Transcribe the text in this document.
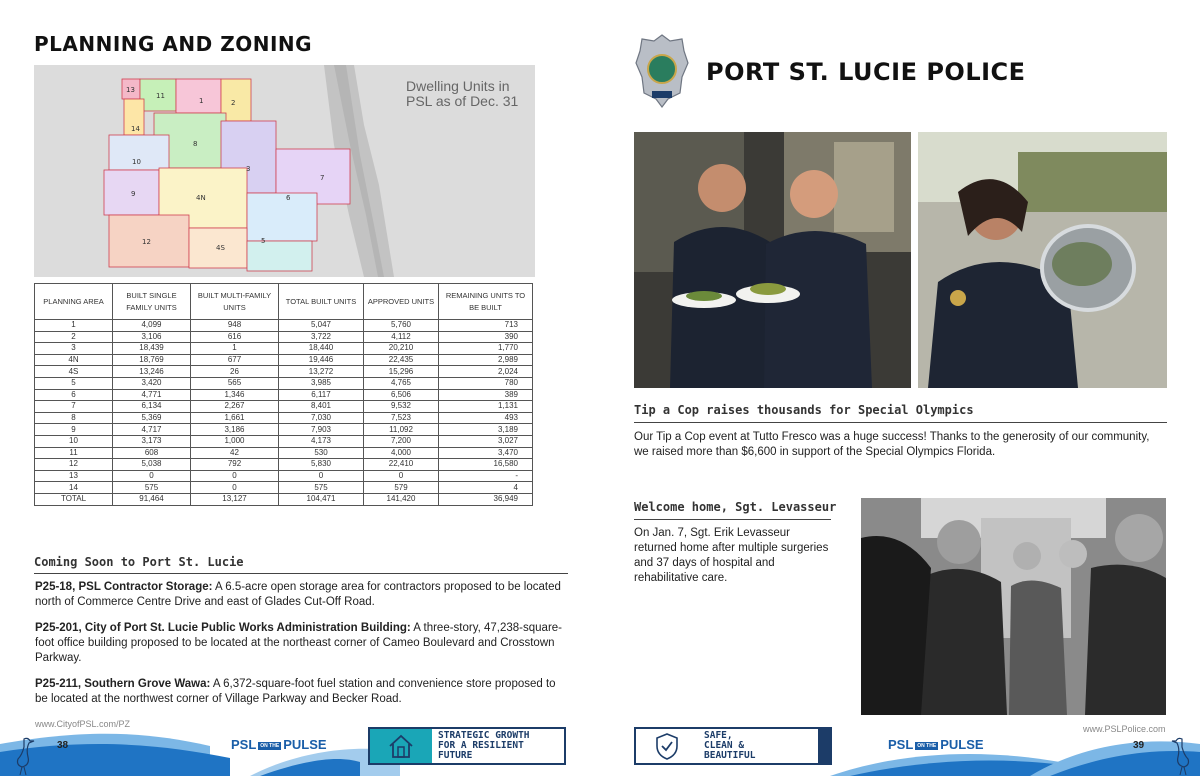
PLANNING AND ZONING
13
11
1	2
14
8
10
3
7
9	4N	6
12
4S
5
Dwelling Units in PSL as of Dec. 31
PLANNING AREA	BUILT SINGLE FAMILY UNITS	BUILT MULTI-FAMILY UNITS	TOTAL BUILT UNITS	APPROVED UNITS	REMAINING UNITS TO BE BUILT
1	4,099	948	5,047	5,760	713
2	3,106	616	3,722	4,112	390
3	18,439	1	18,440	20,210	1,770
4N	18,769	677	19,446	22,435	2,989
4S	13,246	26	13,272	15,296	2,024
5	3,420	565	3,985	4,765	780
6	4,771	1,346	6,117	6,506	389
7	6,134	2,267	8,401	9,532	1,131
8	5,369	1,661	7,030	7,523	493
9	4,717	3,186	7,903	11,092	3,189
10	3,173	1,000	4,173	7,200	3,027
11	608	42	530	4,000	3,470
12	5,038	792	5,830	22,410	16,580
13	0	0	0	0	-
14	575	0	575	579	4
TOTAL	91,464	13,127	104,471	141,420	36,949
Coming Soon to Port St. Lucie
P25-18, PSL Contractor Storage: A 6.5-acre open storage area for contractors proposed to be located north of Commerce Centre Drive and east of Glades Cut-Off Road.
P25-201, City of Port St. Lucie Public Works Administration Building: A three-story, 47,238-square-foot office building proposed to be located at the northeast corner of Cameo Boulevard and Crosstown Parkway.
P25-211, Southern Grove Wawa: A 6,372-square-foot fuel station and convenience store proposed to be located at the northwest corner of Village Parkway and Becker Road.
www.CityofPSL.com/PZ
38	PSL ON THE PULSE
STRATEGIC GROWTH
FOR A RESILIENT
FUTURE
PORT ST. LUCIE POLICE
Tip a Cop raises thousands for Special Olympics
Our Tip a Cop event at Tutto Fresco was a huge success! Thanks to the generosity of our community, we raised more than $6,600 in support of the Special Olympics Florida.
Welcome home, Sgt. Levasseur
On Jan. 7, Sgt. Erik Levasseur returned home after multiple surgeries and 37 days of hospital and rehabilitative care.
www.PSLPolice.com
39
PSL ON THE PULSE
SAFE,
CLEAN &
BEAUTIFUL
